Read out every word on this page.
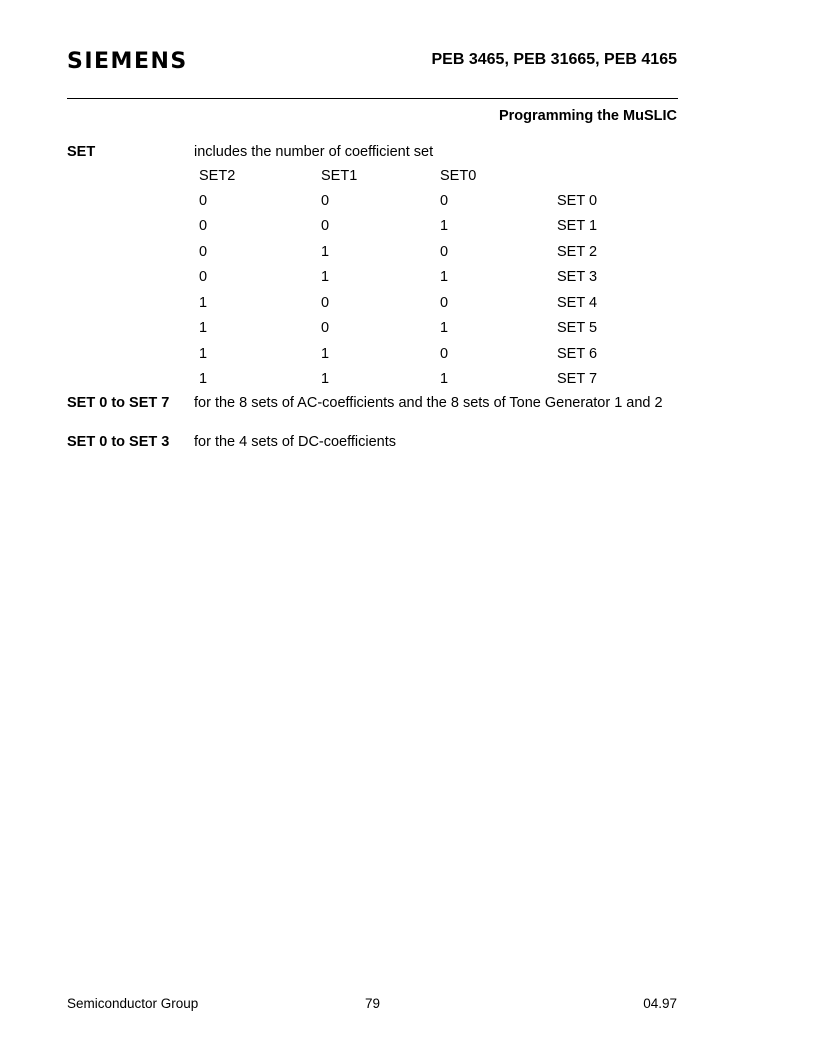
SIEMENS	PEB 3465, PEB 31665, PEB 4165
Programming the MuSLIC
SET	includes the number of coefficient set
SET2	SET1	SET0
0	0	0	SET 0
0	0	1	SET 1
0	1	0	SET 2
0	1	1	SET 3
1	0	0	SET 4
1	0	1	SET 5
1	1	0	SET 6
1	1	1	SET 7
SET 0 to SET 7 for the 8 sets of AC-coefficients and the 8 sets of Tone Generator 1 and 2
SET 0 to SET 3 for the 4 sets of DC-coefficients
Semiconductor Group	79	04.97
